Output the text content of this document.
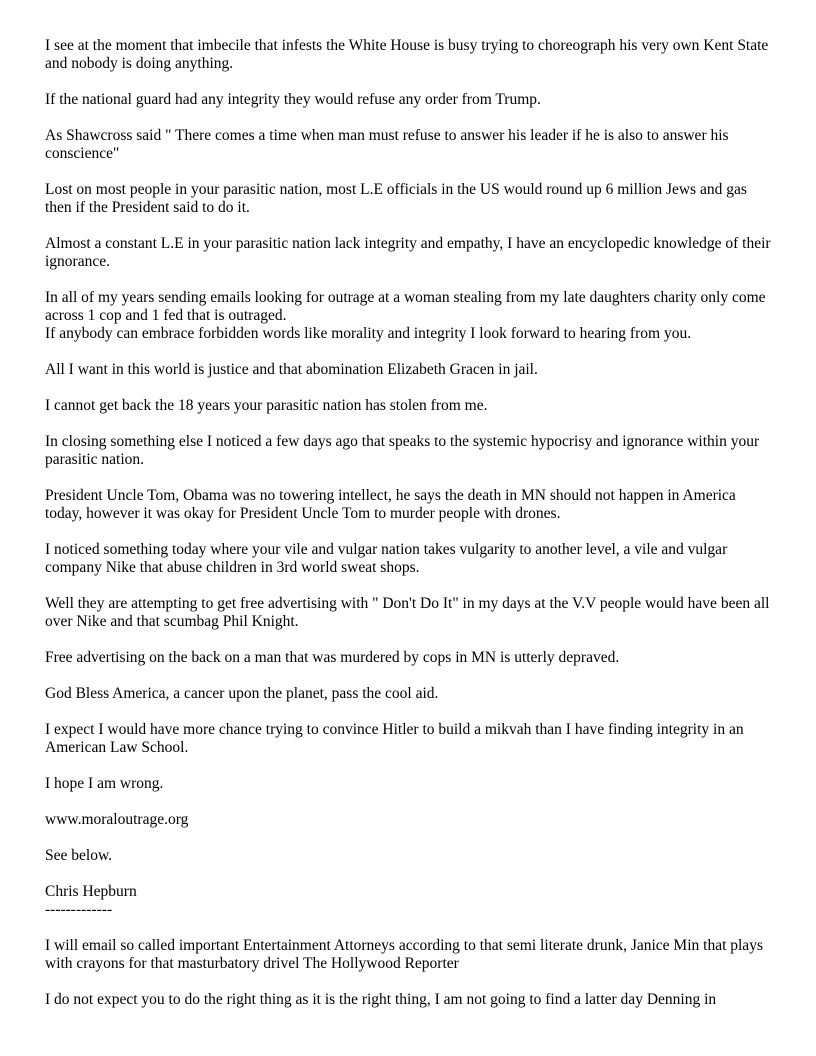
I see at the moment that imbecile that infests the White House is busy trying to choreograph his very own Kent State and nobody is doing anything.

If the national guard had any integrity they would refuse any order from Trump.

As Shawcross said " There comes a time when man must refuse to answer his leader if he is also to answer his conscience"

Lost on most people in your parasitic nation, most L.E officials in the US would round up 6 million Jews and gas then if the President said to do it.

Almost a constant L.E in your parasitic nation lack integrity and empathy, I have an encyclopedic knowledge of their ignorance.

In all of my years sending emails looking for outrage at a woman stealing from my late daughters charity only come across 1 cop and 1 fed that is outraged.
If anybody can embrace forbidden words like morality and integrity I look forward to hearing from you.

All I want in this world is justice and that abomination Elizabeth Gracen in jail.

I cannot get back the 18 years your parasitic nation has stolen from me.

In closing something else I noticed a few days ago that speaks to the systemic hypocrisy and ignorance within your parasitic nation.

President Uncle Tom, Obama was no towering intellect, he says the death in MN should not happen in America today, however it was okay for President Uncle Tom to murder people with drones.

I noticed something today where your vile and vulgar nation takes vulgarity to another level, a vile and vulgar company Nike that abuse children in 3rd world sweat shops.

Well they are attempting to get free advertising with " Don't Do It" in my days at the V.V people would have been all over Nike and that scumbag Phil Knight.

Free advertising on the back on a man that was murdered by cops in MN is utterly depraved.

God Bless America, a cancer upon the planet, pass the cool aid.

I expect I would have more chance trying to convince Hitler to build a mikvah than I have finding integrity in an American Law School.

I hope I am wrong.

www.moraloutrage.org

See below.

Chris Hepburn
-------------

I will email so called important Entertainment Attorneys according to that semi literate drunk, Janice Min that plays with crayons for that masturbatory drivel The Hollywood Reporter

I do not expect you to do the right thing as it is the right thing, I am not going to find a latter day Denning in
